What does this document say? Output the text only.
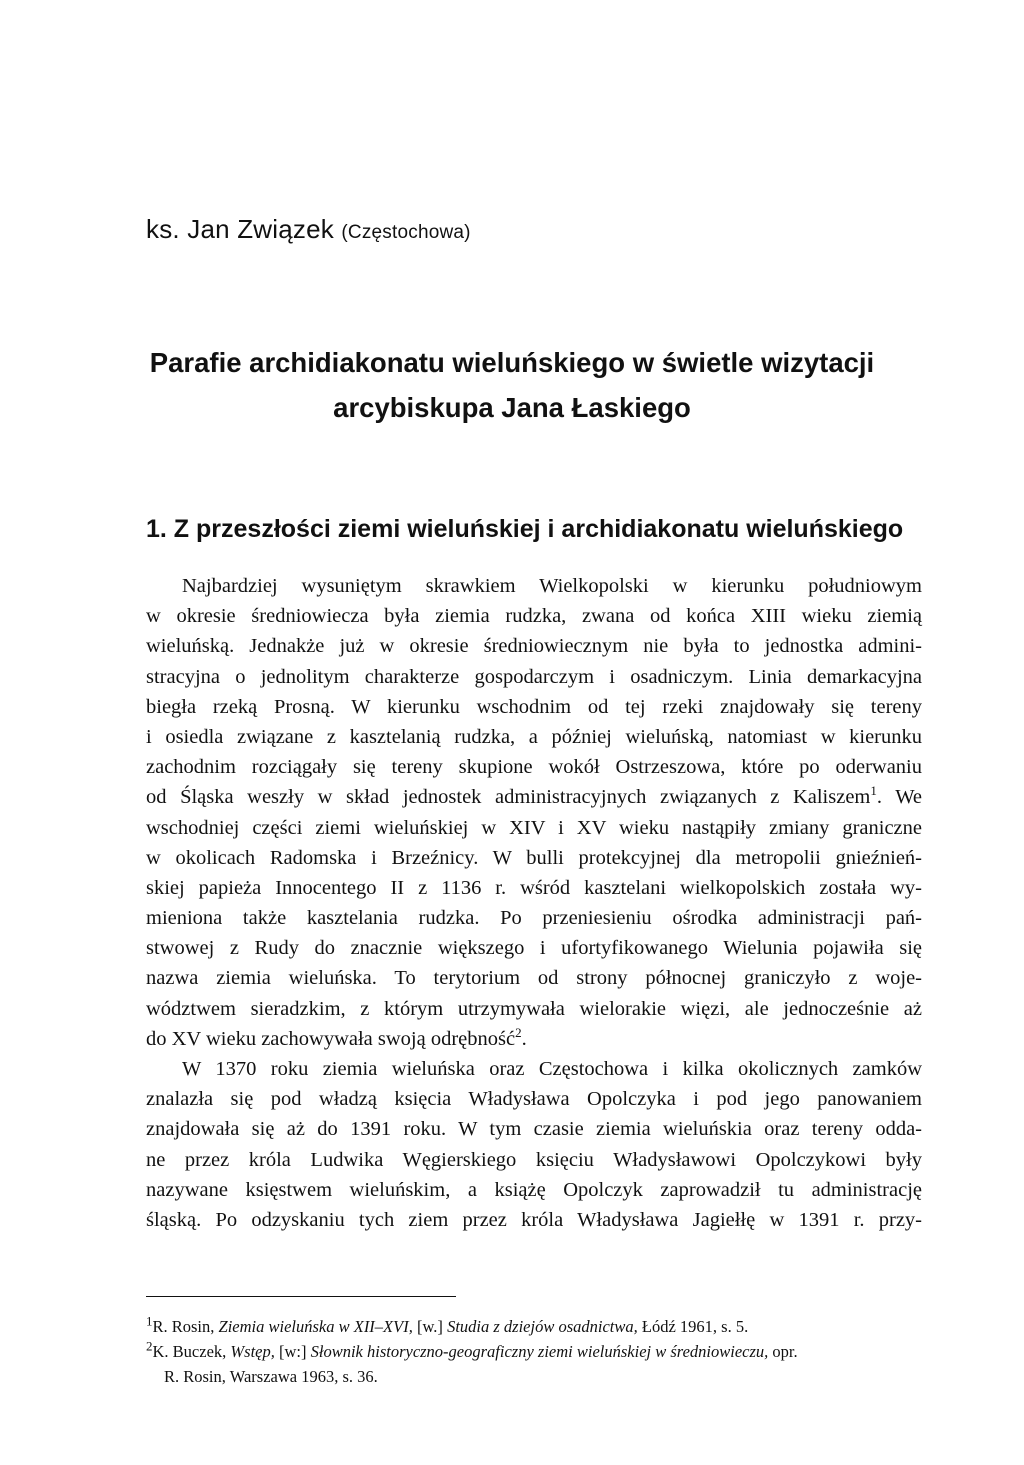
ks. Jan Związek (Częstochowa)
Parafie archidiakonatu wieluńskiego w świetle wizytacji
arcybiskupa Jana Łaskiego
1. Z przeszłości ziemi wieluńskiej i archidiakonatu wieluńskiego
Najbardziej wysuniętym skrawkiem Wielkopolski w kierunku południowym
w okresie średniowiecza była ziemia rudzka, zwana od końca XIII wieku ziemią
wieluńską. Jednakże już w okresie średniowiecznym nie była to jednostka admini-
stracyjna o jednolitym charakterze gospodarczym i osadniczym. Linia demarkacyjna
biegła rzeką Prosną. W kierunku wschodnim od tej rzeki znajdowały się tereny
i osiedla związane z kasztelanią rudzka, a później wieluńską, natomiast w kierunku
zachodnim rozciągały się tereny skupione wokół Ostrzeszowa, które po oderwaniu
od Śląska weszły w skład jednostek administracyjnych związanych z Kaliszem$^1$. We
wschodniej części ziemi wieluńskiej w XIV i XV wieku nastąpiły zmiany graniczne
w okolicach Radomska i Brzeźnicy. W bulli protekcyjnej dla metropolii gnieźnień-
skiej papieża Innocentego II z 1136 r. wśród kasztelani wielkopolskich została wy-
mieniona także kasztelania rudzka. Po przeniesieniu ośrodka administracji pań-
stwowej z Rudy do znacznie większego i ufortyfikowanego Wielunia pojawiła się
nazwa ziemia wieluńska. To terytorium od strony północnej graniczyło z woje-
wództwem sieradzkim, z którym utrzymywała wielorakie więzi, ale jednocześnie aż
do XV wieku zachowywała swoją odrębność$^2$.
W 1370 roku ziemia wieluńska oraz Częstochowa i kilka okolicznych zamków
znalazła się pod władzą księcia Władysława Opolczyka i pod jego panowaniem
znajdowała się aż do 1391 roku. W tym czasie ziemia wieluńskia oraz tereny odda-
ne przez króla Ludwika Węgierskiego księciu Władysławowi Opolczykowi były
nazywane księstwem wieluńskim, a książę Opolczyk zaprowadził tu administrację
śląską. Po odzyskaniu tych ziem przez króla Władysława Jagiełłę w 1391 r. przy-
$^1$R. Rosin, Ziemia wieluńska w XII–XVI, [w.] Studia z dziejów osadnictwa, Łódź 1961, s. 5.
$^2$K. Buczek, Wstęp, [w:] Słownik historyczno-geograficzny ziemi wieluńskiej w średniowieczu, opr.
R. Rosin, Warszawa 1963, s. 36.
